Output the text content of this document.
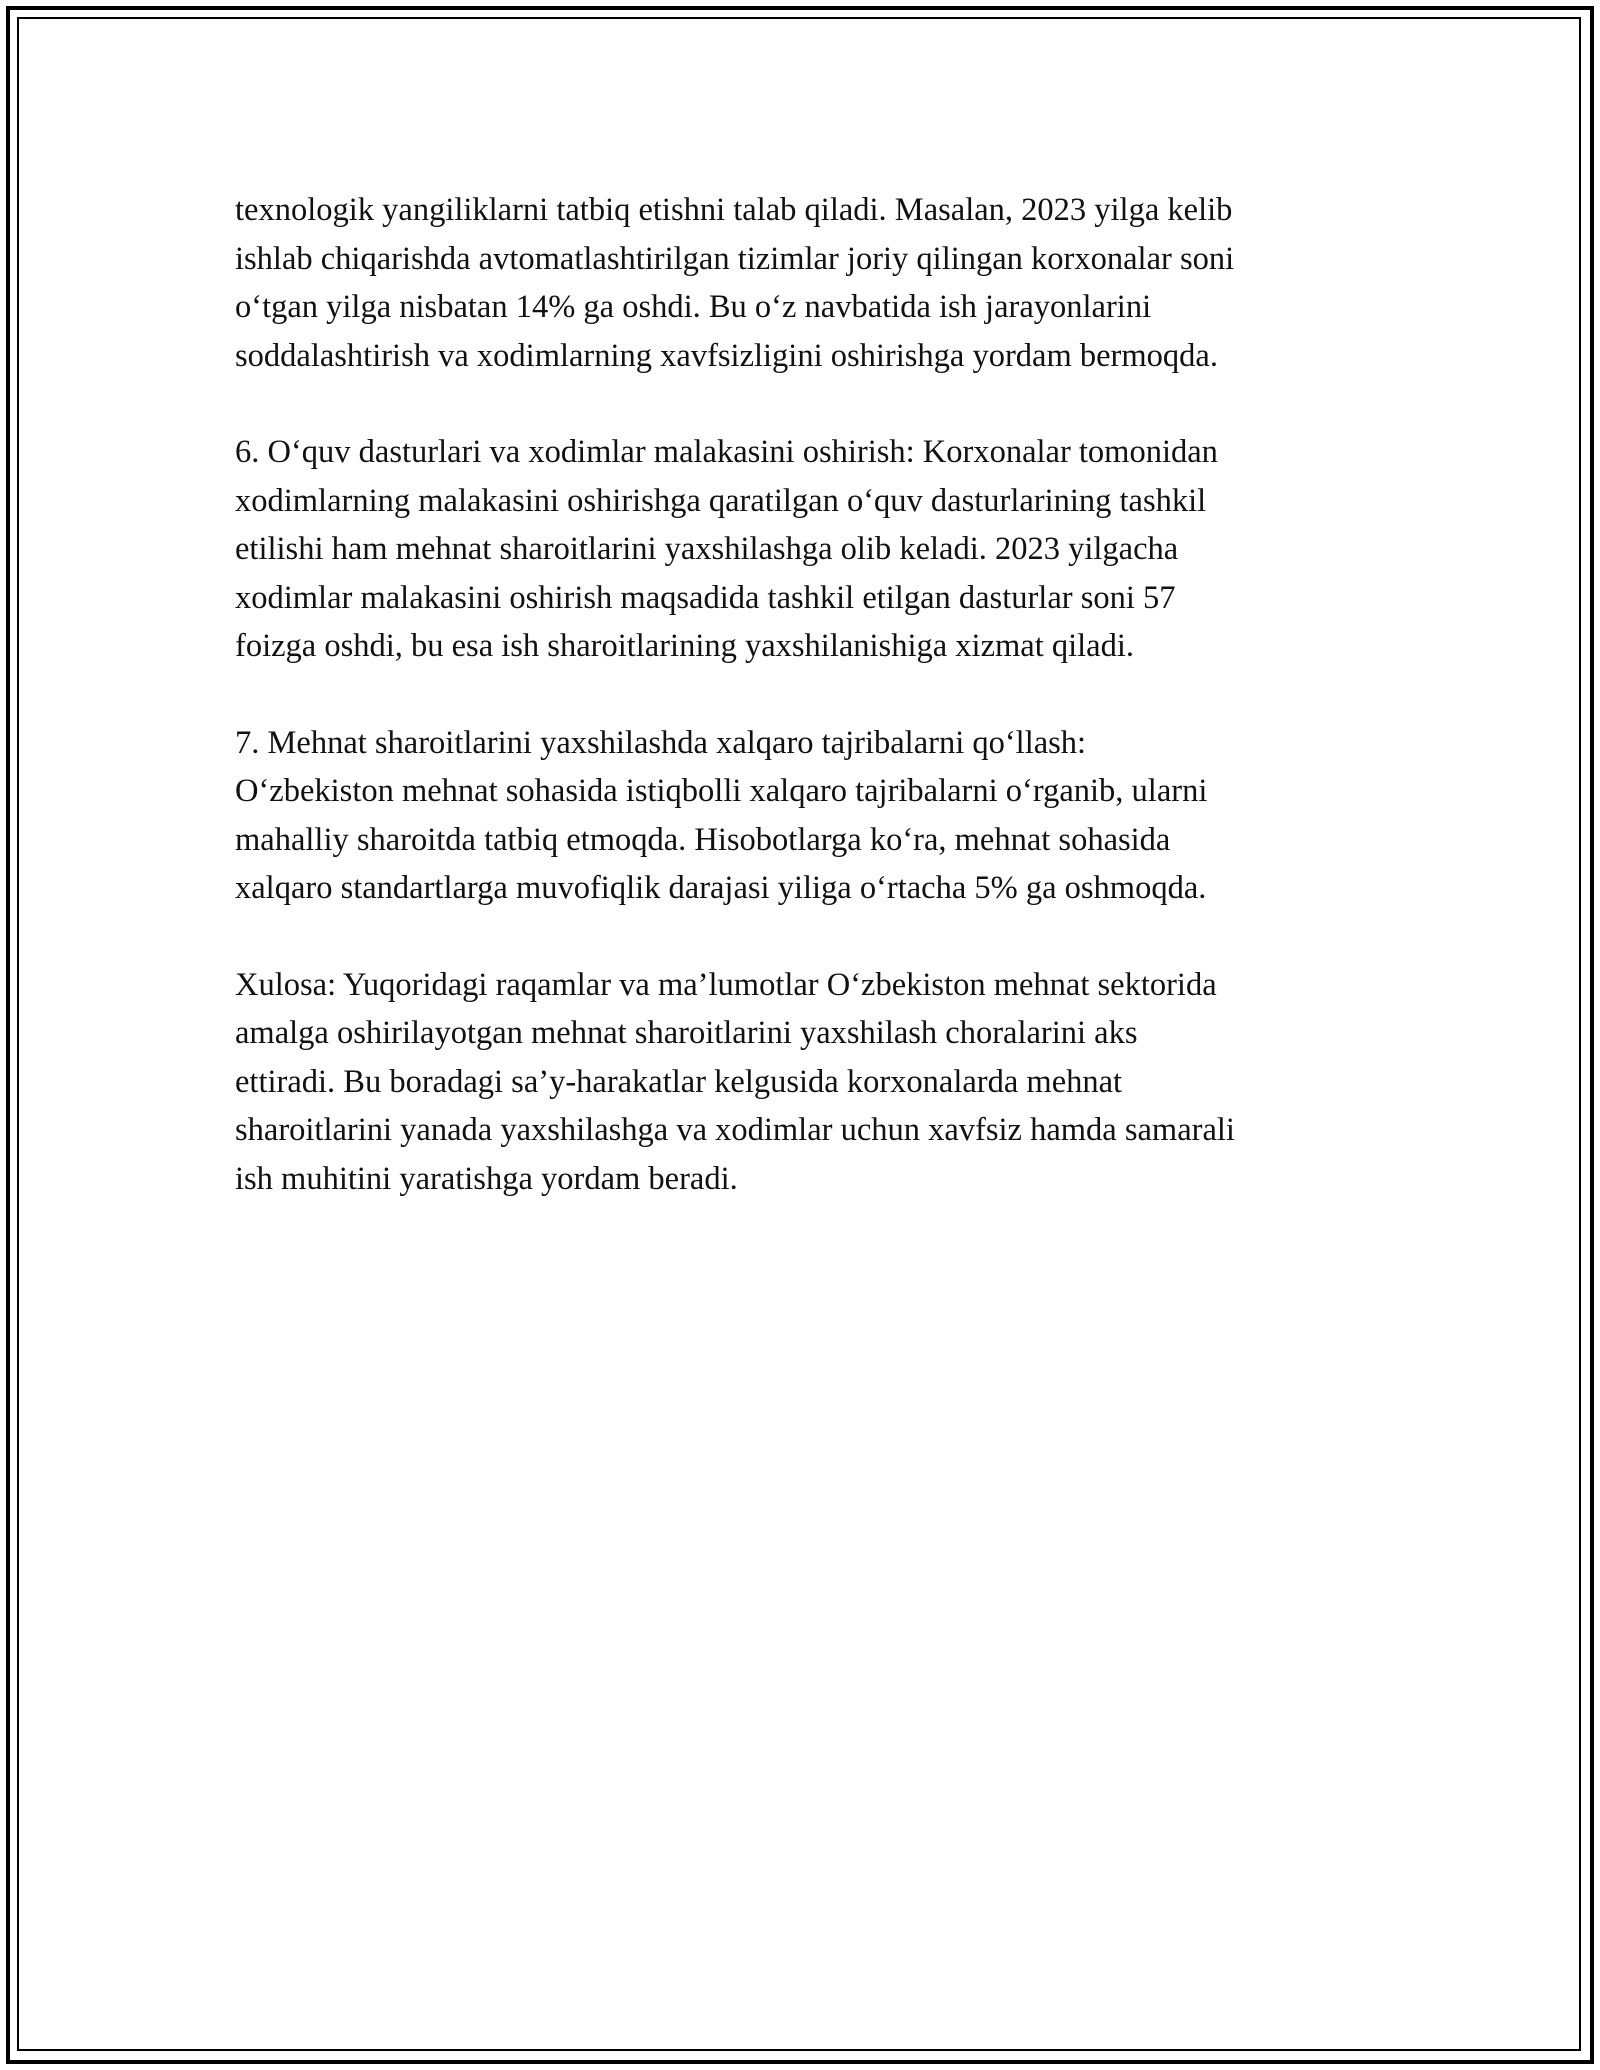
texnologik yangiliklarni tatbiq etishni talab qiladi. Masalan, 2023 yilga kelib
ishlab chiqarishda avtomatlashtirilgan tizimlar joriy qilingan korxonalar soni
o‘tgan yilga nisbatan 14% ga oshdi. Bu o‘z navbatida ish jarayonlarini
soddalashtirish va xodimlarning xavfsizligini oshirishga yordam bermoqda.

6. O‘quv dasturlari va xodimlar malakasini oshirish: Korxonalar tomonidan
xodimlarning malakasini oshirishga qaratilgan o‘quv dasturlarining tashkil
etilishi ham mehnat sharoitlarini yaxshilashga olib keladi. 2023 yilgacha
xodimlar malakasini oshirish maqsadida tashkil etilgan dasturlar soni 57
foizga oshdi, bu esa ish sharoitlarining yaxshilanishiga xizmat qiladi.

7. Mehnat sharoitlarini yaxshilashda xalqaro tajribalarni qo‘llash:
O‘zbekiston mehnat sohasida istiqbolli xalqaro tajribalarni o‘rganib, ularni
mahalliy sharoitda tatbiq etmoqda. Hisobotlarga ko‘ra, mehnat sohasida
xalqaro standartlarga muvofiqlik darajasi yiliga o‘rtacha 5% ga oshmoqda.

Xulosa: Yuqoridagi raqamlar va ma’lumotlar O‘zbekiston mehnat sektorida
amalga oshirilayotgan mehnat sharoitlarini yaxshilash choralarini aks
ettiradi. Bu boradagi sa’y-harakatlar kelgusida korxonalarda mehnat
sharoitlarini yanada yaxshilashga va xodimlar uchun xavfsiz hamda samarali
ish muhitini yaratishga yordam beradi.
